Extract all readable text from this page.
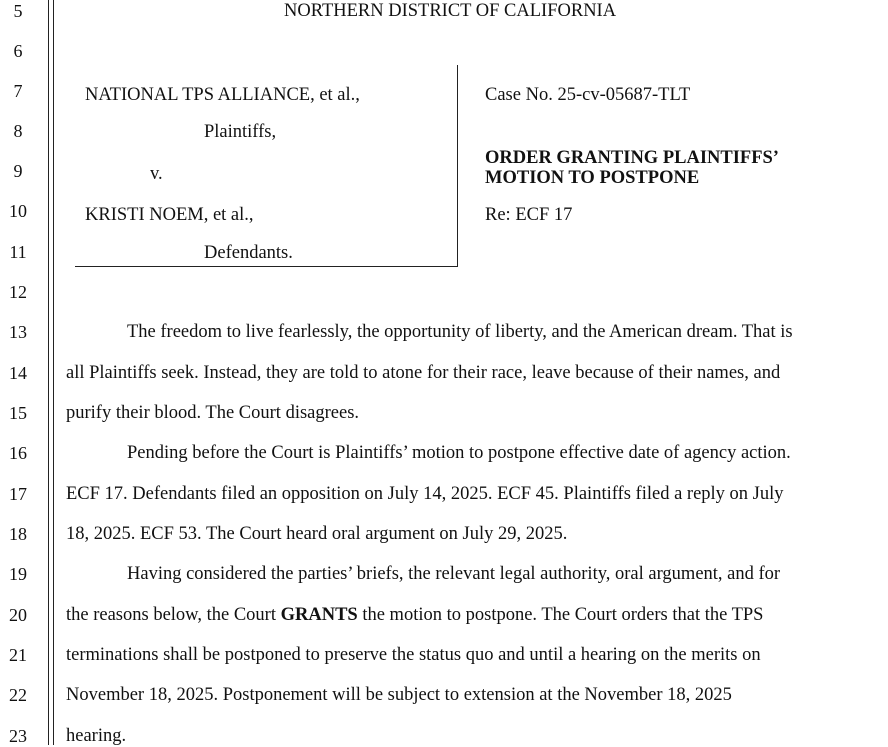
5
6
7
8
9
10
11
12
13
14
15
16
17
18
19
20
21
22
23
NORTHERN DISTRICT OF CALIFORNIA
NATIONAL TPS ALLIANCE, et al.,
Plaintiffs,
v.
KRISTI NOEM, et al.,
Defendants.
Case No. 25-cv-05687-TLT
ORDER GRANTING PLAINTIFFS’
MOTION TO POSTPONE
Re: ECF 17
The freedom to live fearlessly, the opportunity of liberty, and the American dream. That is
all Plaintiffs seek. Instead, they are told to atone for their race, leave because of their names, and
purify their blood. The Court disagrees.
Pending before the Court is Plaintiffs’ motion to postpone effective date of agency action.
ECF 17. Defendants filed an opposition on July 14, 2025. ECF 45. Plaintiffs filed a reply on July
18, 2025. ECF 53. The Court heard oral argument on July 29, 2025.
Having considered the parties’ briefs, the relevant legal authority, oral argument, and for
the reasons below, the Court GRANTS the motion to postpone. The Court orders that the TPS
terminations shall be postponed to preserve the status quo and until a hearing on the merits on
November 18, 2025. Postponement will be subject to extension at the November 18, 2025
hearing.
